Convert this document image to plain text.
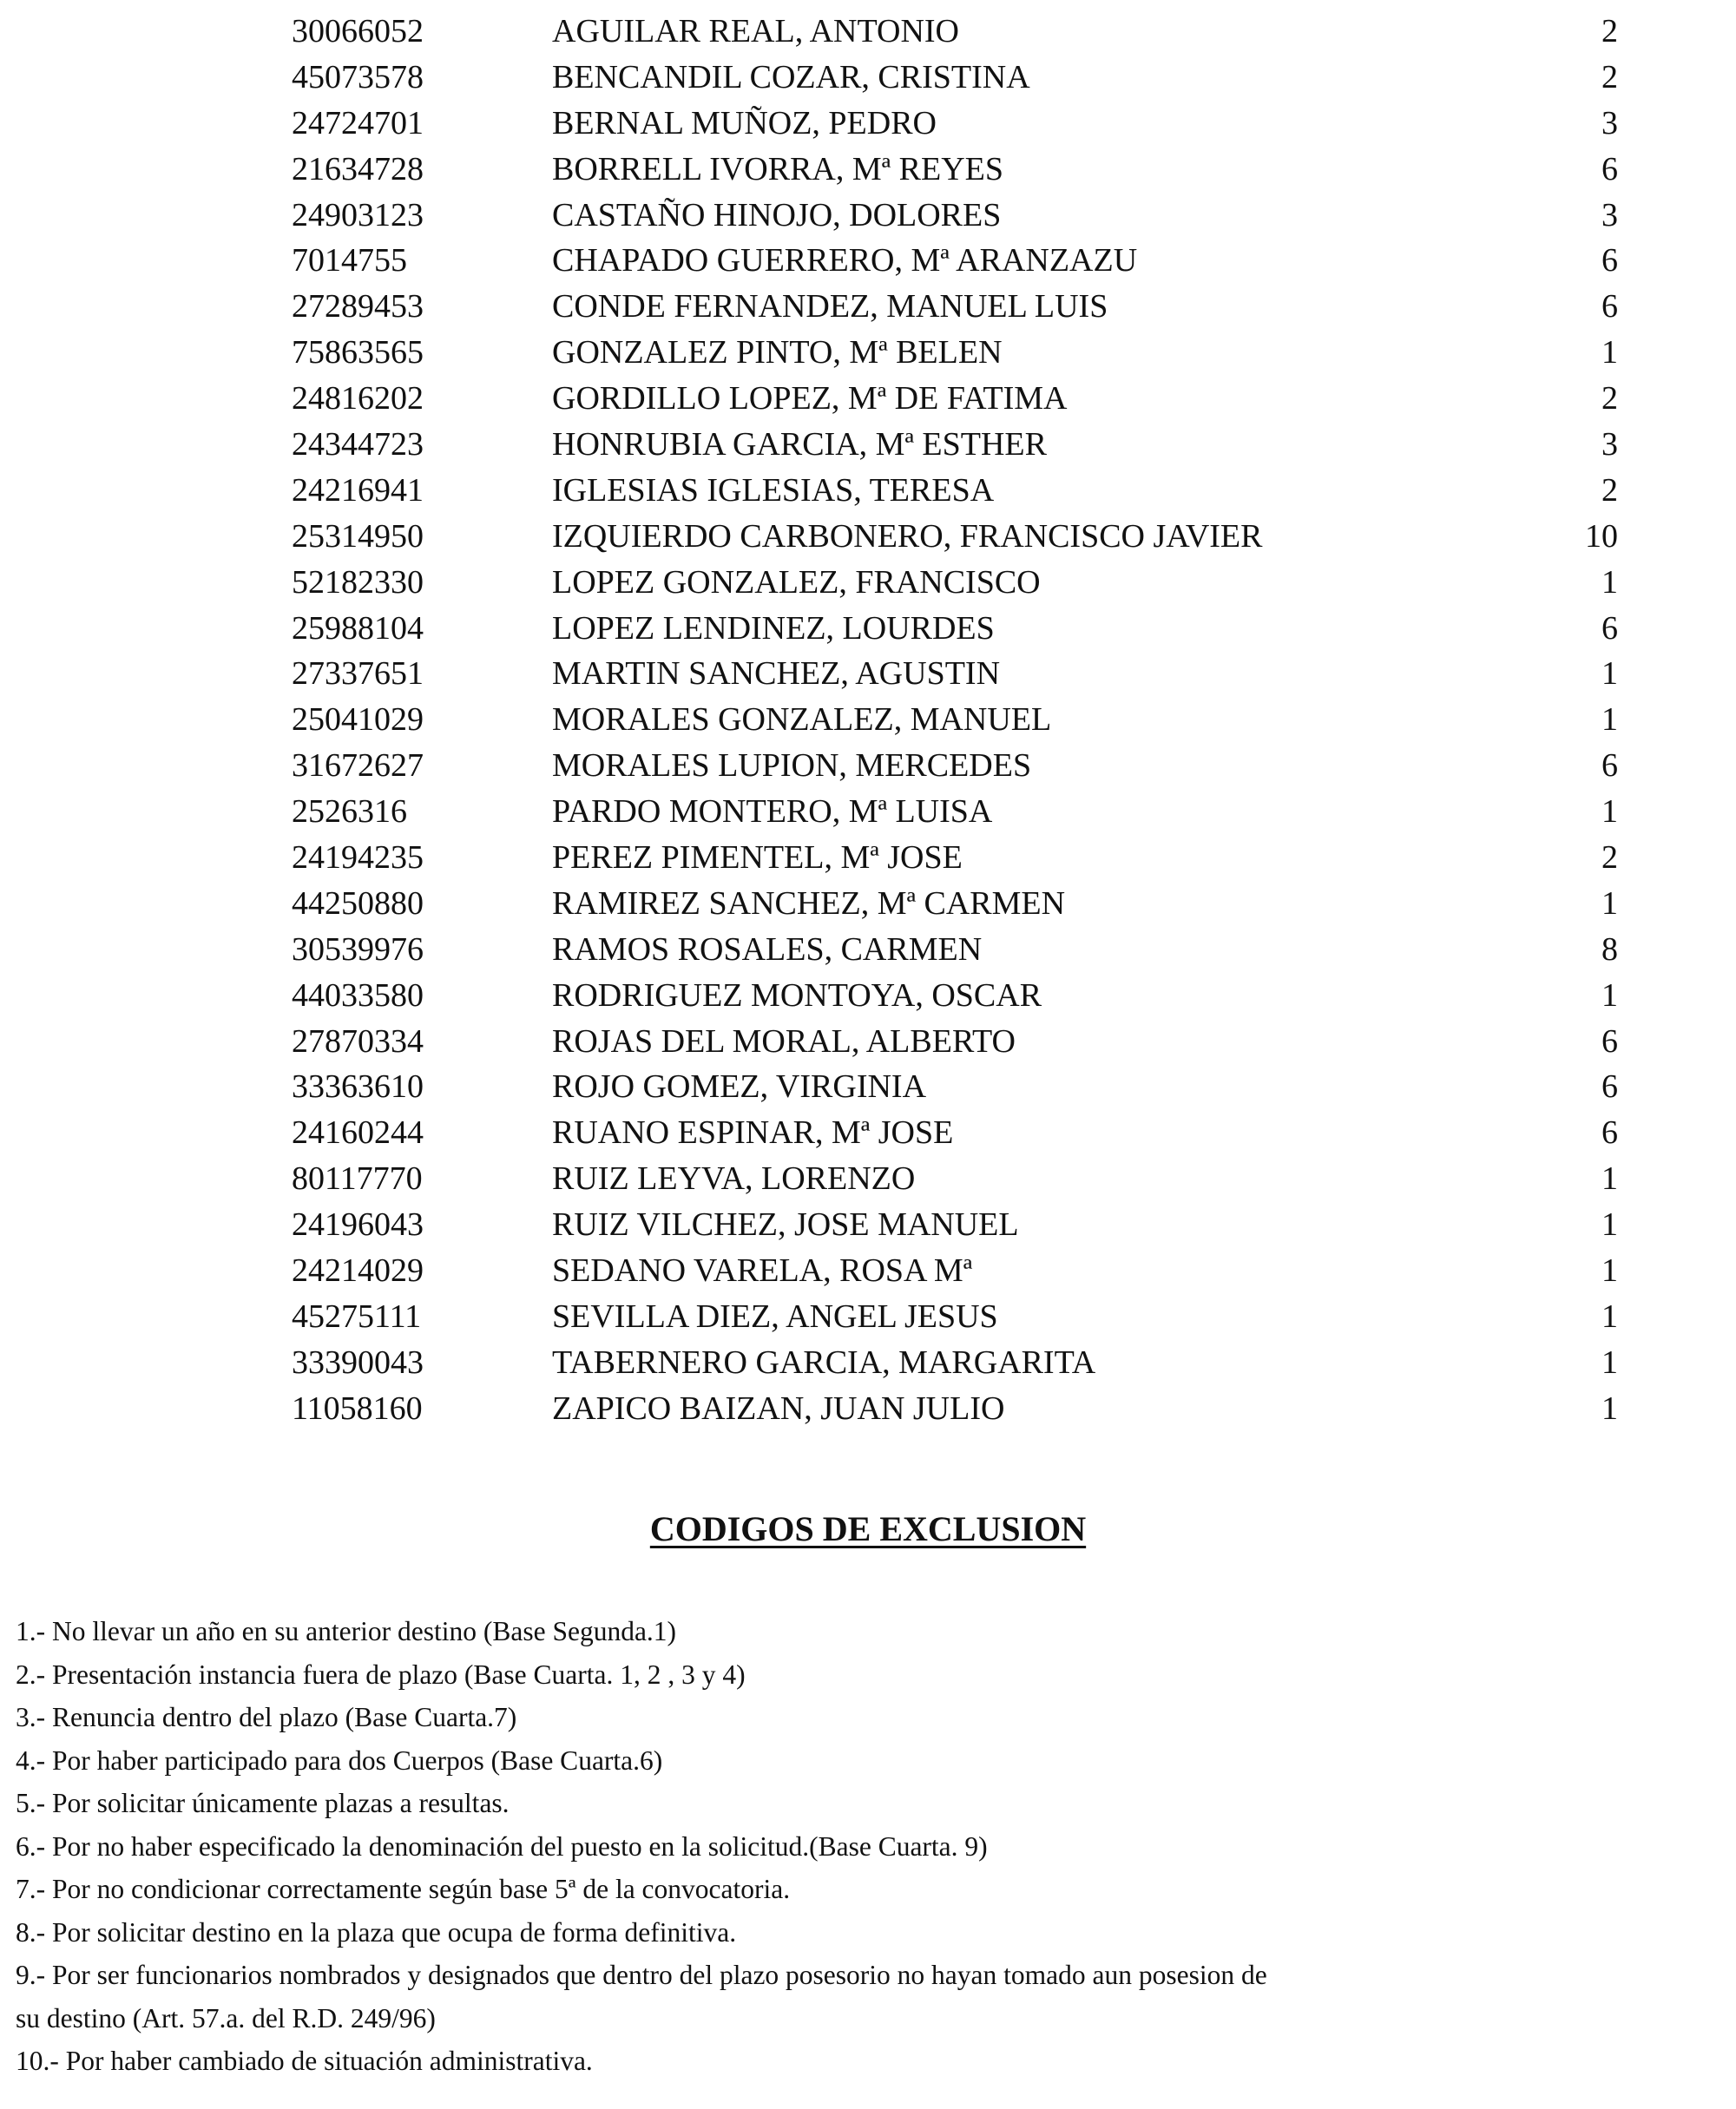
30066052	AGUILAR REAL, ANTONIO	2
45073578	BENCANDIL COZAR, CRISTINA	2
24724701	BERNAL MUÑOZ, PEDRO	3
21634728	BORRELL IVORRA, Mª REYES	6
24903123	CASTAÑO HINOJO, DOLORES	3
7014755	CHAPADO GUERRERO, Mª ARANZAZU	6
27289453	CONDE FERNANDEZ, MANUEL LUIS	6
75863565	GONZALEZ PINTO, Mª BELEN	1
24816202	GORDILLO LOPEZ, Mª DE FATIMA	2
24344723	HONRUBIA GARCIA, Mª ESTHER	3
24216941	IGLESIAS IGLESIAS, TERESA	2
25314950	IZQUIERDO CARBONERO, FRANCISCO JAVIER	10
52182330	LOPEZ GONZALEZ, FRANCISCO	1
25988104	LOPEZ LENDINEZ, LOURDES	6
27337651	MARTIN SANCHEZ, AGUSTIN	1
25041029	MORALES GONZALEZ, MANUEL	1
31672627	MORALES LUPION, MERCEDES	6
2526316	PARDO MONTERO, Mª LUISA	1
24194235	PEREZ PIMENTEL, Mª JOSE	2
44250880	RAMIREZ SANCHEZ, Mª CARMEN	1
30539976	RAMOS ROSALES, CARMEN	8
44033580	RODRIGUEZ MONTOYA, OSCAR	1
27870334	ROJAS DEL MORAL, ALBERTO	6
33363610	ROJO GOMEZ, VIRGINIA	6
24160244	RUANO ESPINAR, Mª JOSE	6
80117770	RUIZ LEYVA, LORENZO	1
24196043	RUIZ VILCHEZ, JOSE MANUEL	1
24214029	SEDANO VARELA, ROSA Mª	1
45275111	SEVILLA DIEZ, ANGEL JESUS	1
33390043	TABERNERO GARCIA, MARGARITA	1
11058160	ZAPICO BAIZAN, JUAN JULIO	1
CODIGOS DE EXCLUSION
1.- No llevar un año en su anterior destino (Base Segunda.1)
2.- Presentación instancia fuera de plazo (Base Cuarta. 1, 2 , 3 y 4)
3.- Renuncia dentro del plazo (Base Cuarta.7)
4.- Por haber participado para dos Cuerpos (Base Cuarta.6)
5.- Por solicitar únicamente plazas a resultas.
6.- Por no haber especificado la denominación del puesto en la solicitud.(Base Cuarta. 9)
7.- Por no condicionar correctamente según base 5ª de la convocatoria.
8.- Por solicitar destino en la plaza que ocupa de forma definitiva.
9.- Por ser funcionarios nombrados y designados que dentro del plazo posesorio no hayan tomado aun posesion de
su destino (Art. 57.a. del R.D. 249/96)
10.- Por haber cambiado de situación administrativa.
